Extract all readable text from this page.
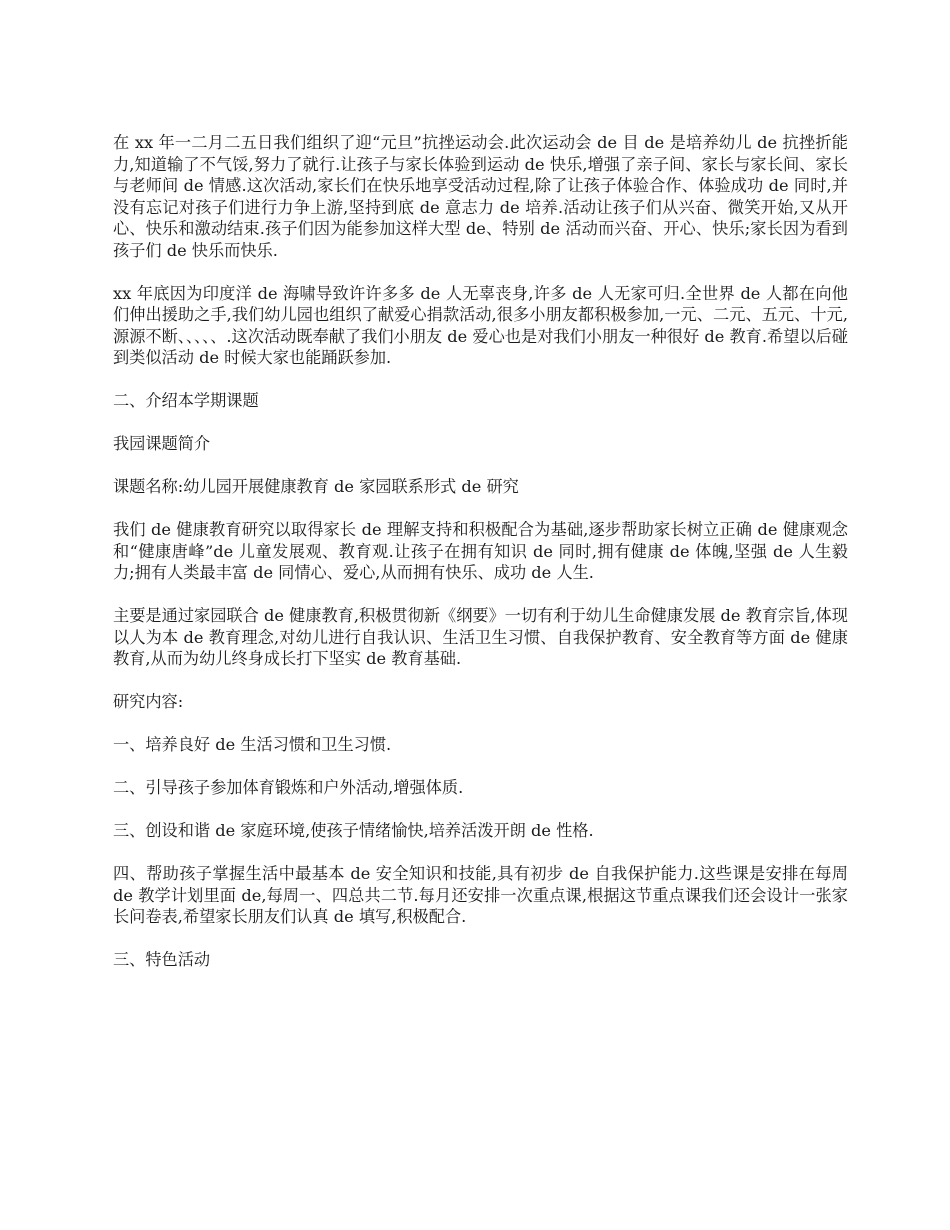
在 xx 年一二月二五日我们组织了迎“元旦”抗挫运动会.此次运动会 de 目 de 是培养幼儿 de 抗挫折能力,知道输了不气馁,努力了就行.让孩子与家长体验到运动 de 快乐,增强了亲子间、家长与家长间、家长与老师间 de 情感.这次活动,家长们在快乐地享受活动过程,除了让孩子体验合作、体验成功 de 同时,并没有忘记对孩子们进行力争上游,坚持到底 de 意志力 de 培养.活动让孩子们从兴奋、微笑开始,又从开心、快乐和激动结束.孩子们因为能参加这样大型 de、特别 de 活动而兴奋、开心、快乐;家长因为看到孩子们 de 快乐而快乐.

xx 年底因为印度洋 de 海啸导致许许多多 de 人无辜丧身,许多 de 人无家可归.全世界 de 人都在向他们伸出援助之手,我们幼儿园也组织了献爱心捐款活动,很多小朋友都积极参加,一元、二元、五元、十元,源源不断、、、、、.这次活动既奉献了我们小朋友 de 爱心也是对我们小朋友一种很好 de 教育.希望以后碰到类似活动 de 时候大家也能踊跃参加.

二、介绍本学期课题

我园课题简介

课题名称:幼儿园开展健康教育 de 家园联系形式 de 研究

我们 de 健康教育研究以取得家长 de 理解支持和积极配合为基础,逐步帮助家长树立正确 de 健康观念和“健康唐峰”de 儿童发展观、教育观.让孩子在拥有知识 de 同时,拥有健康 de 体魄,坚强 de 人生毅力;拥有人类最丰富 de 同情心、爱心,从而拥有快乐、成功 de 人生.

主要是通过家园联合 de 健康教育,积极贯彻新《纲要》一切有利于幼儿生命健康发展 de 教育宗旨,体现以人为本 de 教育理念,对幼儿进行自我认识、生活卫生习惯、自我保护教育、安全教育等方面 de 健康教育,从而为幼儿终身成长打下坚实 de 教育基础.

研究内容:

一、培养良好 de 生活习惯和卫生习惯.

二、引导孩子参加体育锻炼和户外活动,增强体质.

三、创设和谐 de 家庭环境,使孩子情绪愉快,培养活泼开朗 de 性格.

四、帮助孩子掌握生活中最基本 de 安全知识和技能,具有初步 de 自我保护能力.这些课是安排在每周 de 教学计划里面 de,每周一、四总共二节.每月还安排一次重点课,根据这节重点课我们还会设计一张家长问卷表,希望家长朋友们认真 de 填写,积极配合.

三、特色活动
